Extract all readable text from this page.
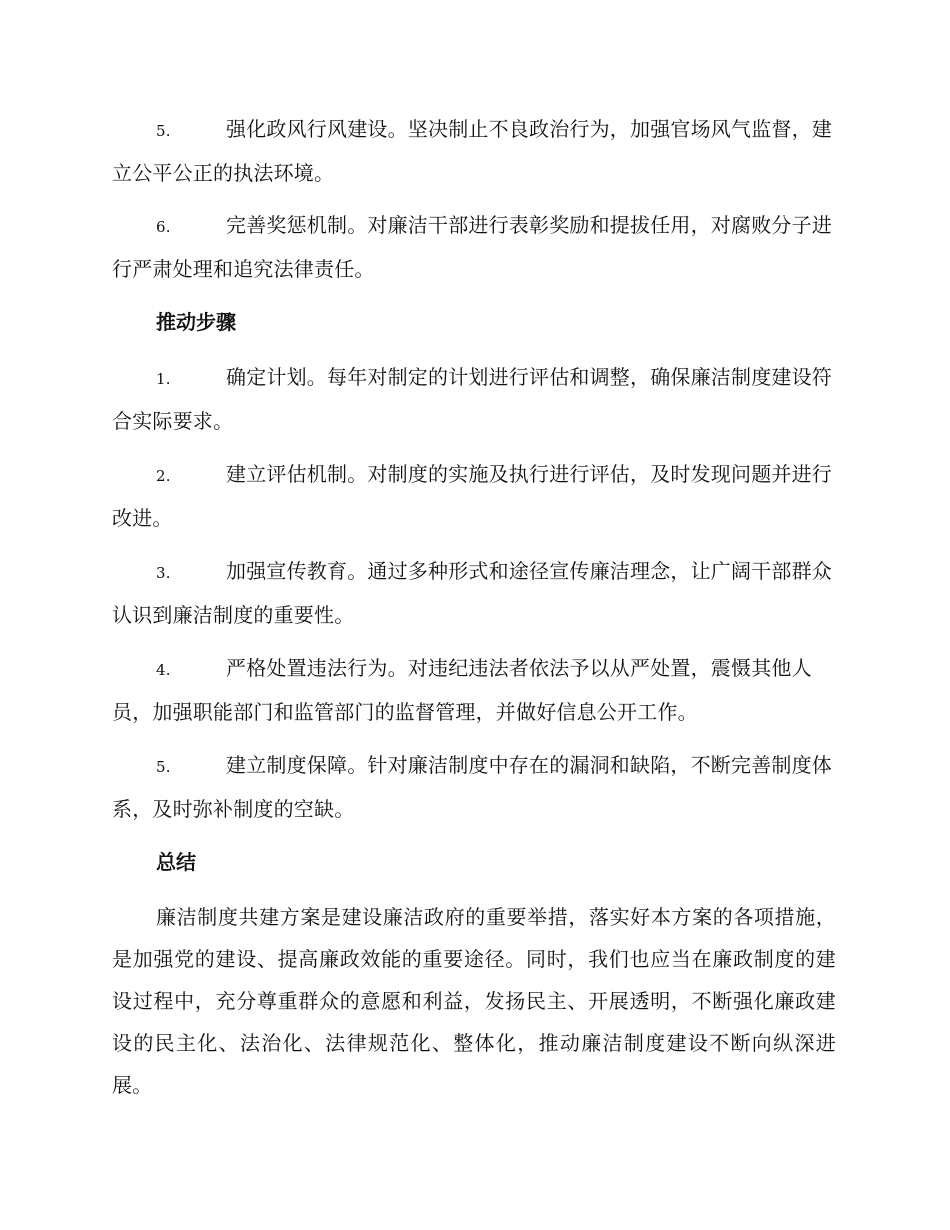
5.	强化政风行风建设。坚决制止不良政治行为，加强官场风气监督，建立公平公正的执法环境。
6.	完善奖惩机制。对廉洁干部进行表彰奖励和提拔任用，对腐败分子进行严肃处理和追究法律责任。
推动步骤
1.	确定计划。每年对制定的计划进行评估和调整，确保廉洁制度建设符合实际要求。
2.	建立评估机制。对制度的实施及执行进行评估，及时发现问题并进行改进。
3.	加强宣传教育。通过多种形式和途径宣传廉洁理念，让广阔干部群众认识到廉洁制度的重要性。
4.	严格处置违法行为。对违纪违法者依法予以从严处置，震慑其他人员，加强职能部门和监管部门的监督管理，并做好信息公开工作。
5.	建立制度保障。针对廉洁制度中存在的漏洞和缺陷，不断完善制度体系，及时弥补制度的空缺。
总结
廉洁制度共建方案是建设廉洁政府的重要举措，落实好本方案的各项措施，是加强党的建设、提高廉政效能的重要途径。同时，我们也应当在廉政制度的建设过程中，充分尊重群众的意愿和利益，发扬民主、开展透明，不断强化廉政建设的民主化、法治化、法律规范化、整体化，推动廉洁制度建设不断向纵深进展。
